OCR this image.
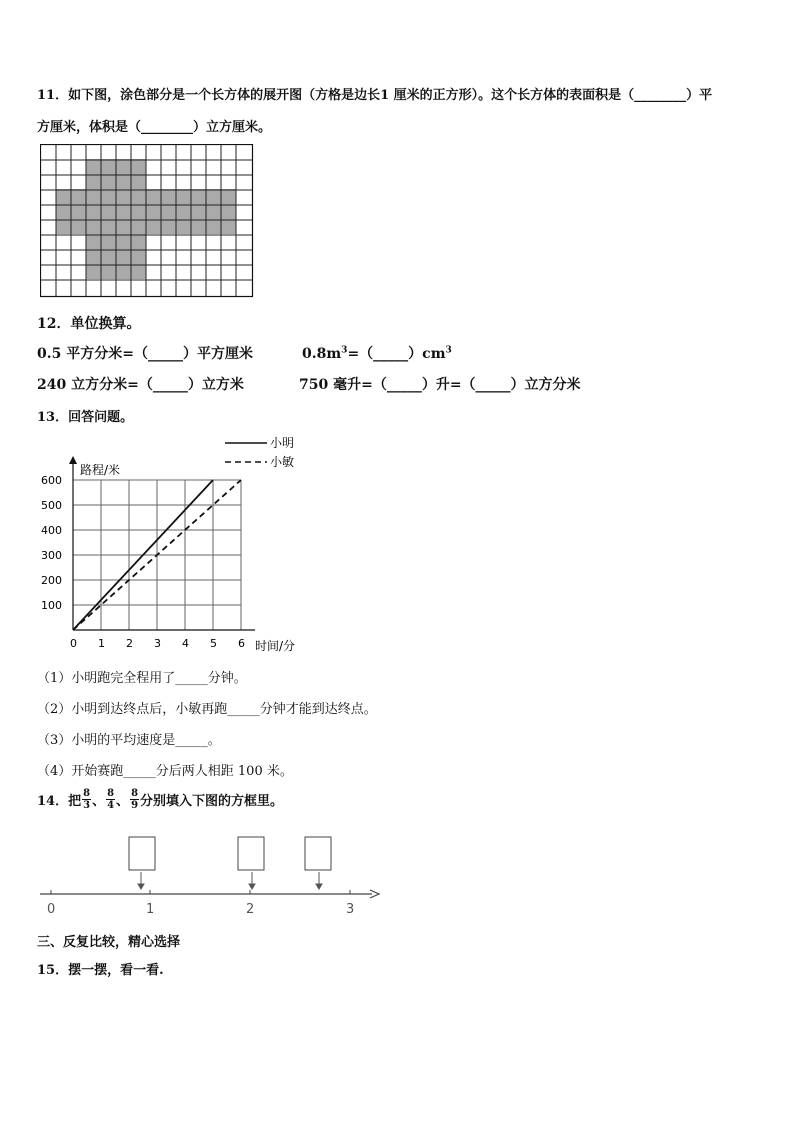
11．如下图，涂色部分是一个长方体的展开图（方格是边长1 厘米的正方形）。这个长方体的表面积是（________）平
方厘米，体积是（________）立方厘米。
12．单位换算。
0.5 平方分米=（_____）平方厘米	$0.8m^3=(\_\_\_\_\_)cm^3$
240 立方分米=（_____）立方米	750 毫升=（_____）升=（_____）立方分米
13．回答问题。
0 1 2 3 4 5 6
600
500
400
300
200
100
小明
小敏
路程/米
时间/分
（1）小明跑完全程用了_____分钟。
（2）小明到达终点后，小敏再跑_____分钟才能到达终点。
（3）小明的平均速度是_____。
（4）开始赛跑_____分后两人相距 100 米。
14．把 $\frac{8}{3}$ 、 $\frac{8}{4}$ 、 $\frac{8}{9}$ 分别填入下图的方框里。
0	1	2	3
三、反复比较，精心选择
15．摆一摆，看一看.
